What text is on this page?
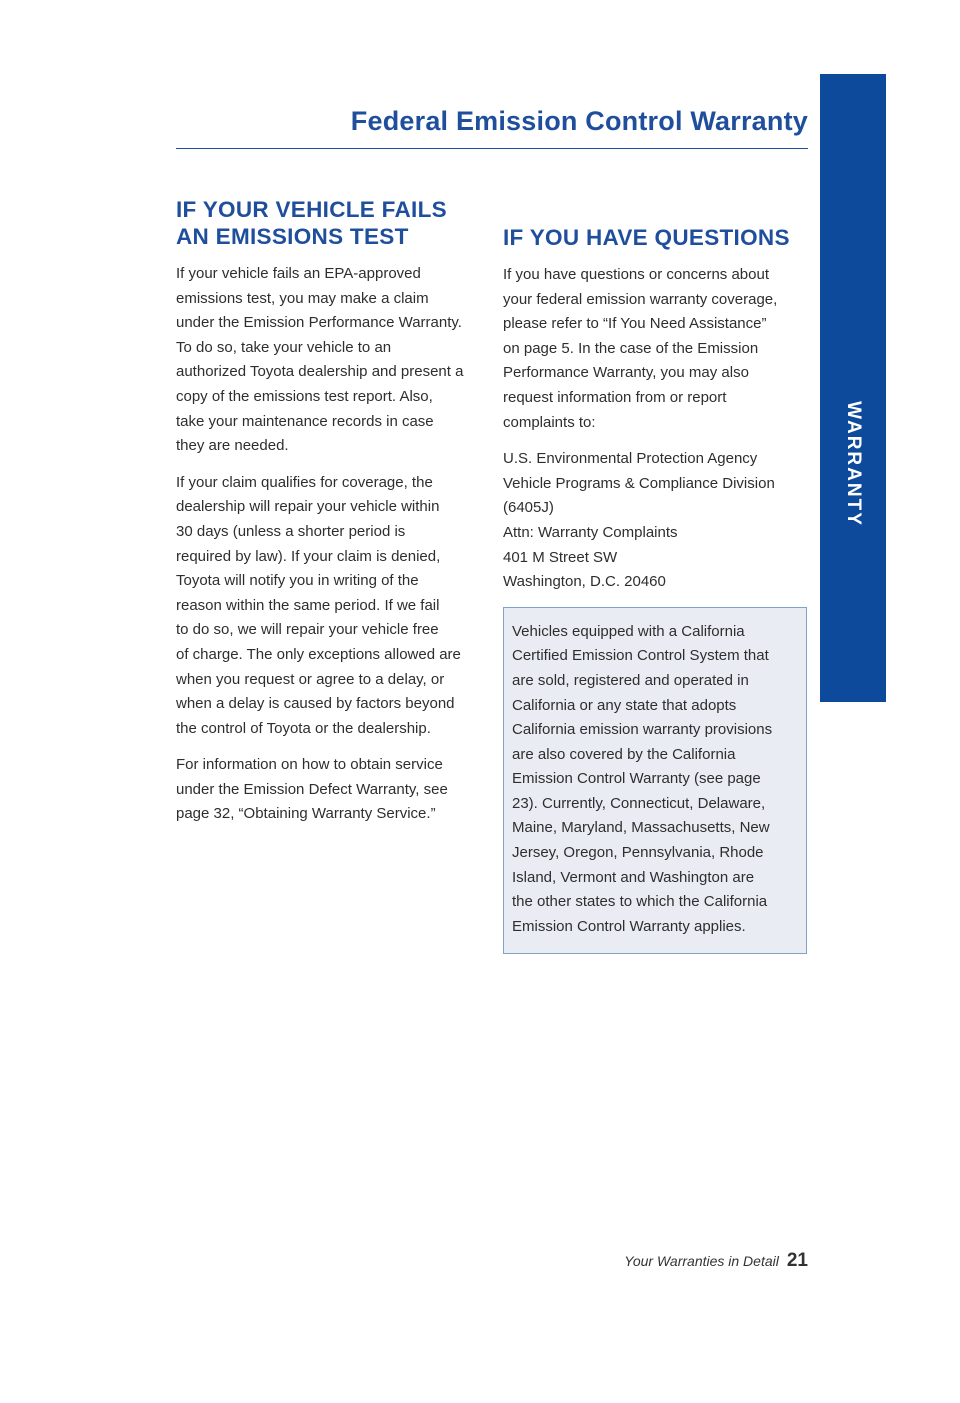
Federal Emission Control Warranty
WARRANTY
IF YOUR VEHICLE FAILS
AN EMISSIONS TEST

If your vehicle fails an EPA-approved
emissions test, you may make a claim
under the Emission Performance Warranty.
To do so, take your vehicle to an
authorized Toyota dealership and present a
copy of the emissions test report. Also,
take your maintenance records in case
they are needed.

If your claim qualifies for coverage, the
dealership will repair your vehicle within
30 days (unless a shorter period is
required by law). If your claim is denied,
Toyota will notify you in writing of the
reason within the same period. If we fail
to do so, we will repair your vehicle free
of charge. The only exceptions allowed are
when you request or agree to a delay, or
when a delay is caused by factors beyond
the control of Toyota or the dealership.

For information on how to obtain service
under the Emission Defect Warranty, see
page 32, “Obtaining Warranty Service.”

IF YOU HAVE QUESTIONS

If you have questions or concerns about
your federal emission warranty coverage,
please refer to “If You Need Assistance”
on page 5. In the case of the Emission
Performance Warranty, you may also
request information from or report
complaints to:

U.S. Environmental Protection Agency
Vehicle Programs & Compliance Division
(6405J)
Attn: Warranty Complaints
401 M Street SW
Washington, D.C. 20460

Vehicles equipped with a California
Certified Emission Control System that
are sold, registered and operated in
California or any state that adopts
California emission warranty provisions
are also covered by the California
Emission Control Warranty (see page
23). Currently, Connecticut, Delaware,
Maine, Maryland, Massachusetts, New
Jersey, Oregon, Pennsylvania, Rhode
Island, Vermont and Washington are
the other states to which the California
Emission Control Warranty applies.

Your Warranties in Detail 21
